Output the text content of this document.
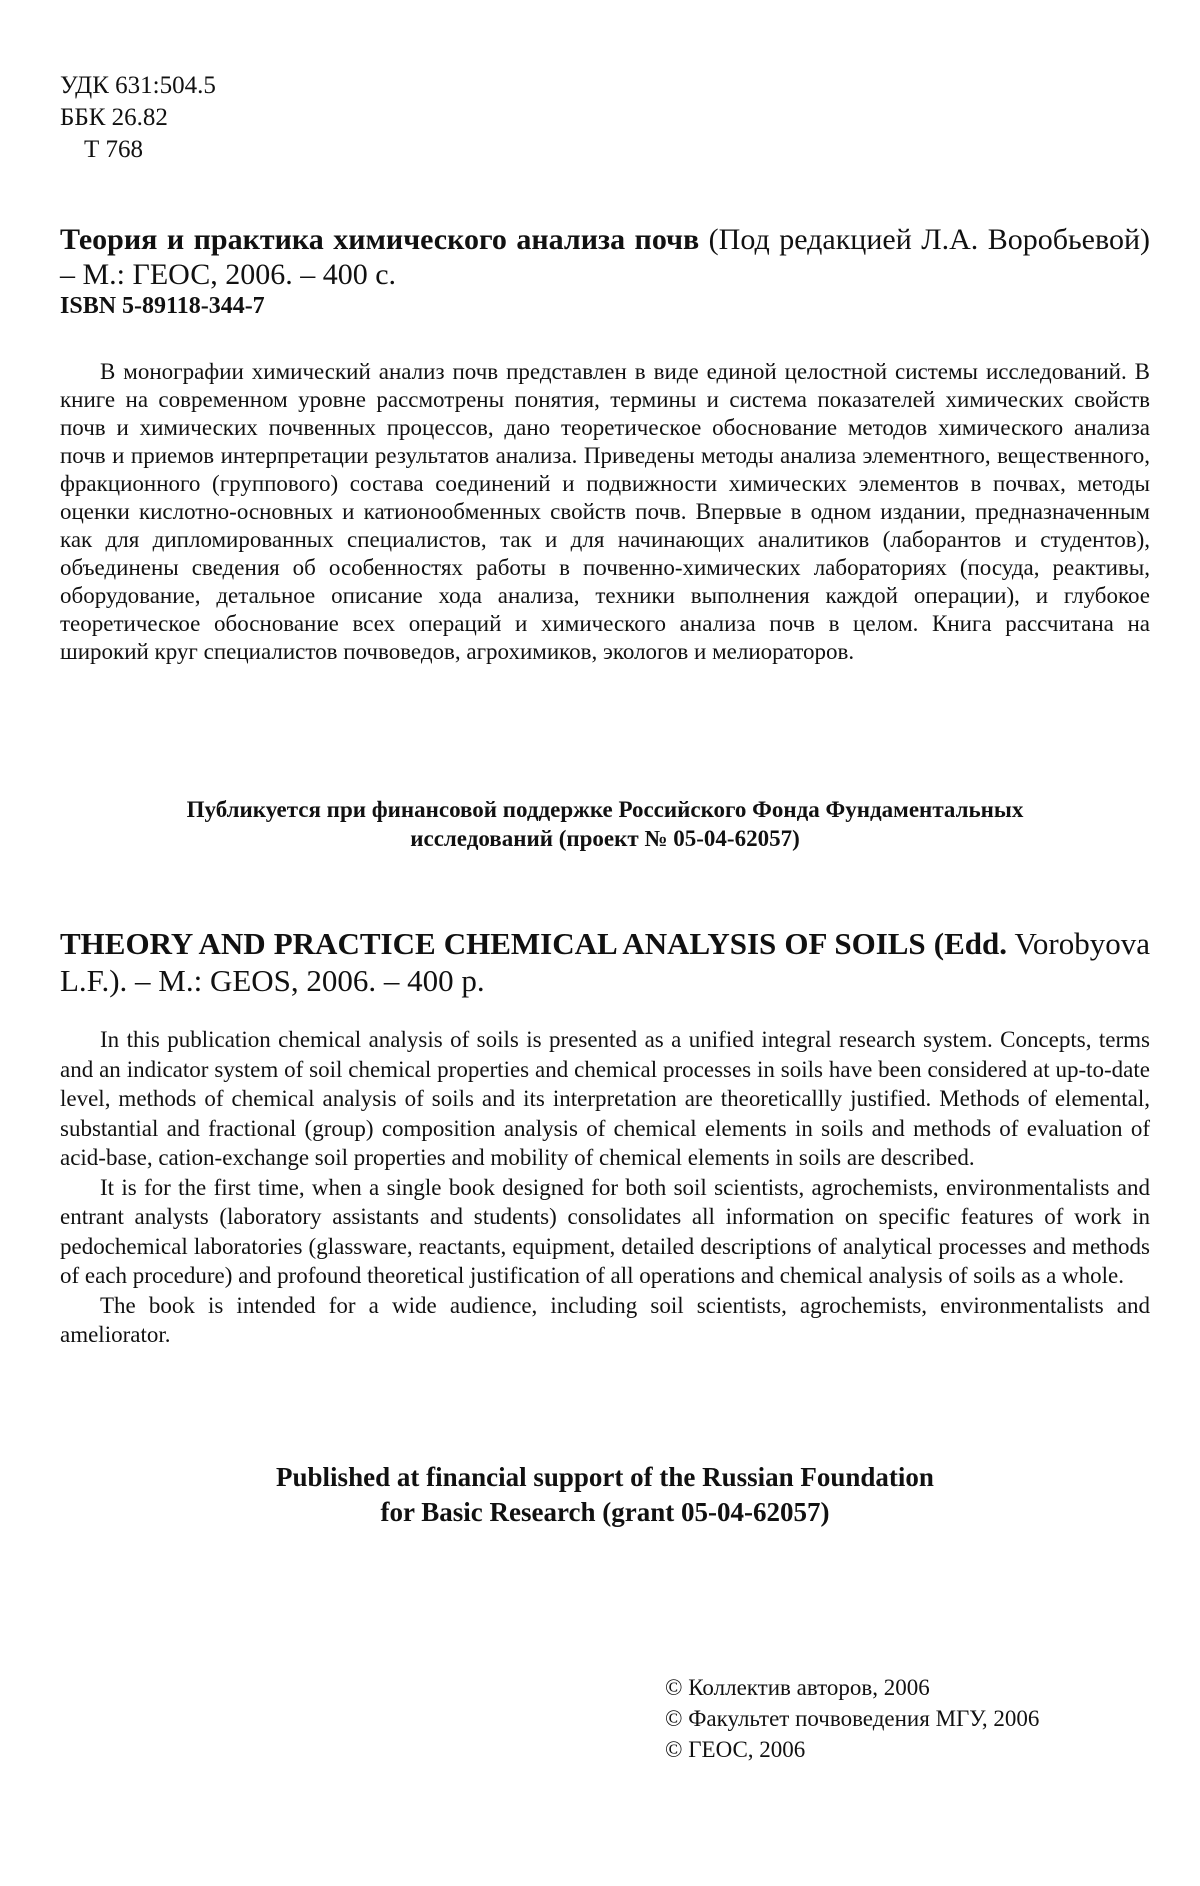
УДК 631:504.5
ББК 26.82
Т 768
Теория и практика химического анализа почв (Под редакцией Л.А. Воробьевой) – М.: ГЕОС, 2006. – 400 с.
ISBN 5-89118-344-7
В монографии химический анализ почв представлен в виде единой целостной системы исследований. В книге на современном уровне рассмотрены понятия, термины и система показателей химических свойств почв и химических почвенных процессов, дано теоретическое обоснование методов химического анализа почв и приемов интерпретации результатов анализа. Приведены методы анализа элементного, вещественного, фракционного (группового) состава соединений и подвижности химических элементов в почвах, методы оценки кислотно-основных и катионообменных свойств почв. Впервые в одном издании, предназначенным как для дипломированных специалистов, так и для начинающих аналитиков (лаборантов и студентов), объединены сведения об особенностях работы в почвенно-химических лабораториях (посуда, реактивы, оборудование, детальное описание хода анализа, техники выполнения каждой операции), и глубокое теоретическое обоснование всех операций и химического анализа почв в целом. Книга рассчитана на широкий круг специалистов почвоведов, агрохимиков, экологов и мелиораторов.
Публикуется при финансовой поддержке Российского Фонда Фундаментальных
исследований (проект № 05-04-62057)
THEORY AND PRACTICE CHEMICAL ANALYSIS OF SOILS (Edd. Vorobyova L.F.). – M.: GEOS, 2006. – 400 p.

In this publication chemical analysis of soils is presented as a unified integral research system. Concepts, terms and an indicator system of soil chemical properties and chemical processes in soils have been considered at up-to-date level, methods of chemical analysis of soils and its interpretation are theoreticallly justified. Methods of elemental, substantial and fractional (group) composition analysis of chemical elements in soils and methods of evaluation of acid-base, cation-exchange soil properties and mobility of chemical elements in soils are described.

It is for the first time, when a single book designed for both soil scientists, agrochemists, environmentalists and entrant analysts (laboratory assistants and students) consolidates all information on specific features of work in pedochemical laboratories (glassware, reactants, equipment, detailed descriptions of analytical processes and methods of each procedure) and profound theoretical justification of all operations and chemical analysis of soils as a whole.

The book is intended for a wide audience, including soil scientists, agrochemists, environmentalists and ameliorator.

Published at financial support of the Russian Foundation
for Basic Research (grant 05-04-62057)
© Коллектив авторов, 2006
© Факультет почвоведения МГУ, 2006
© ГЕОС, 2006
